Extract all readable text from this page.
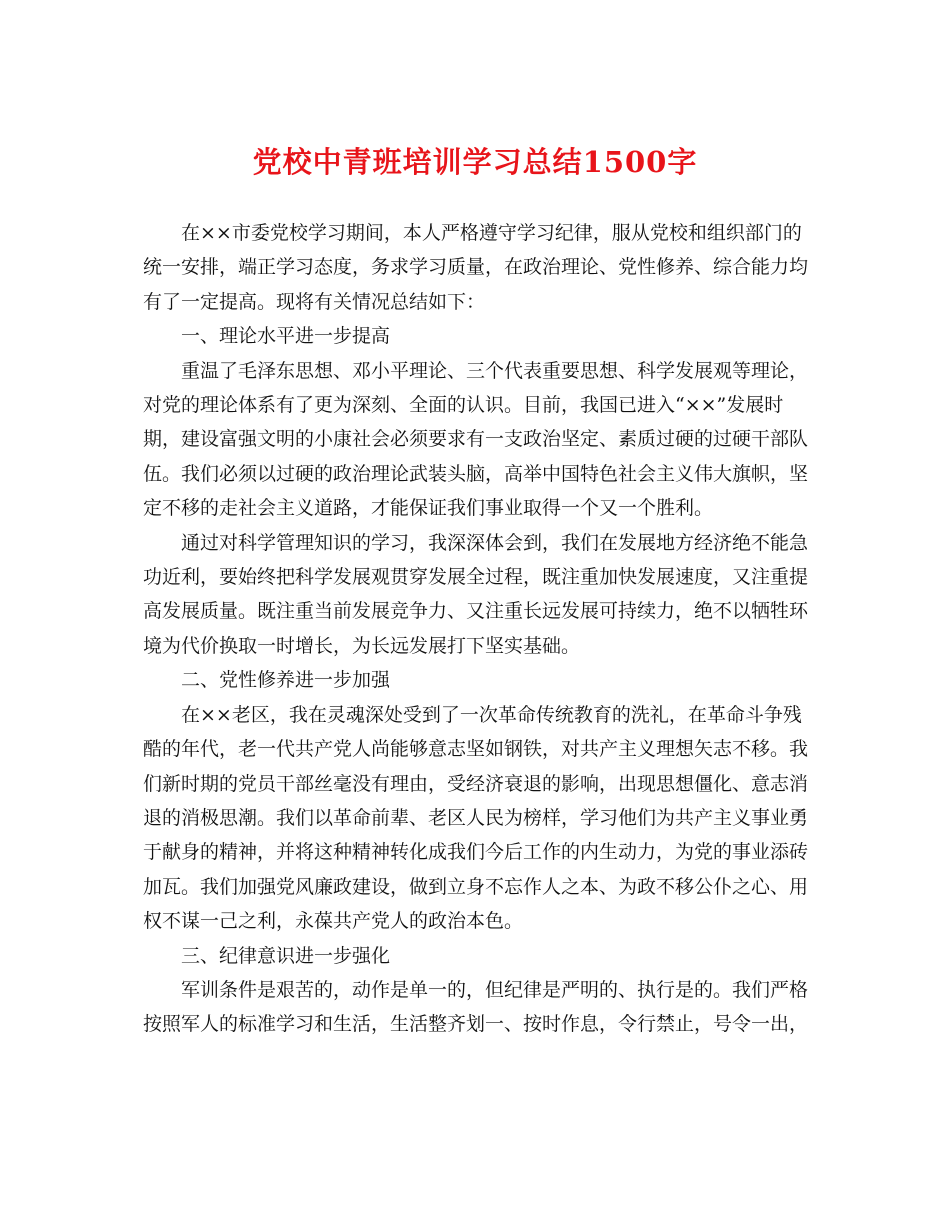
党校中青班培训学习总结1500字
在××市委党校学习期间，本人严格遵守学习纪律，服从党校和组织部门的
统一安排，端正学习态度，务求学习质量，在政治理论、党性修养、综合能力均
有了一定提高。现将有关情况总结如下：
一、理论水平进一步提高
重温了毛泽东思想、邓小平理论、三个代表重要思想、科学发展观等理论，
对党的理论体系有了更为深刻、全面的认识。目前，我国已进入“××”发展时
期，建设富强文明的小康社会必须要求有一支政治坚定、素质过硬的过硬干部队
伍。我们必须以过硬的政治理论武装头脑，高举中国特色社会主义伟大旗帜，坚
定不移的走社会主义道路，才能保证我们事业取得一个又一个胜利。
通过对科学管理知识的学习，我深深体会到，我们在发展地方经济绝不能急
功近利，要始终把科学发展观贯穿发展全过程，既注重加快发展速度，又注重提
高发展质量。既注重当前发展竞争力、又注重长远发展可持续力，绝不以牺牲环
境为代价换取一时增长，为长远发展打下坚实基础。
二、党性修养进一步加强
在××老区，我在灵魂深处受到了一次革命传统教育的洗礼，在革命斗争残
酷的年代，老一代共产党人尚能够意志坚如钢铁，对共产主义理想矢志不移。我
们新时期的党员干部丝毫没有理由，受经济衰退的影响，出现思想僵化、意志消
退的消极思潮。我们以革命前辈、老区人民为榜样，学习他们为共产主义事业勇
于献身的精神，并将这种精神转化成我们今后工作的内生动力，为党的事业添砖
加瓦。我们加强党风廉政建设，做到立身不忘作人之本、为政不移公仆之心、用
权不谋一己之利，永葆共产党人的政治本色。
三、纪律意识进一步强化
军训条件是艰苦的，动作是单一的，但纪律是严明的、执行是的。我们严格
按照军人的标准学习和生活，生活整齐划一、按时作息，令行禁止，号令一出，
